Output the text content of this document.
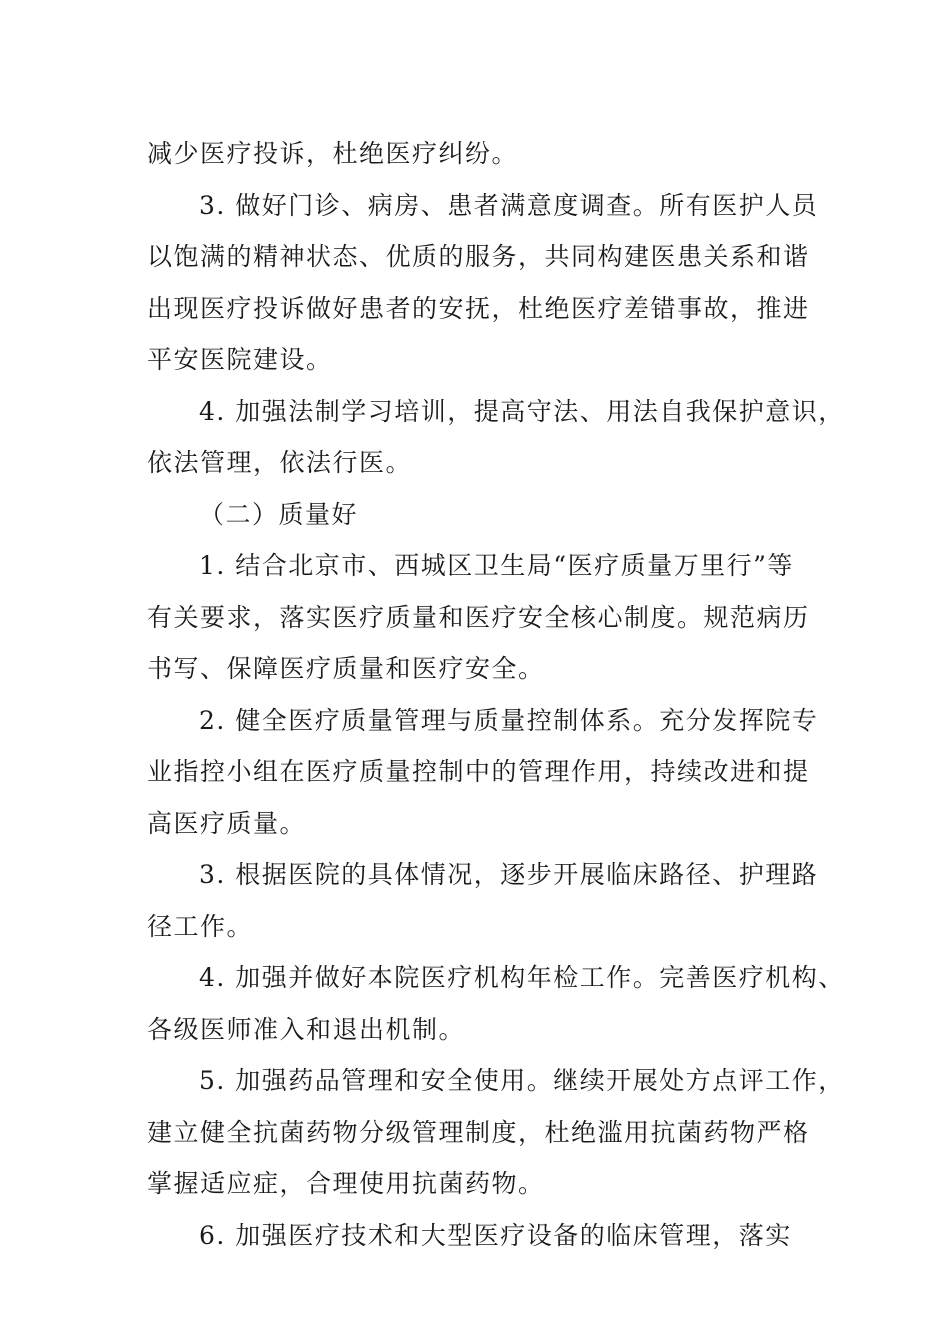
减少医疗投诉，杜绝医疗纠纷。
3. 做好门诊、病房、患者满意度调查。所有医护人员
以饱满的精神状态、优质的服务，共同构建医患关系和谐
出现医疗投诉做好患者的安抚，杜绝医疗差错事故，推进
平安医院建设。
4. 加强法制学习培训，提高守法、用法自我保护意识，
依法管理，依法行医。
（二）质量好
1. 结合北京市、西城区卫生局“医疗质量万里行”等
有关要求，落实医疗质量和医疗安全核心制度。规范病历
书写、保障医疗质量和医疗安全。
2. 健全医疗质量管理与质量控制体系。充分发挥院专
业指控小组在医疗质量控制中的管理作用，持续改进和提
高医疗质量。
3. 根据医院的具体情况，逐步开展临床路径、护理路
径工作。
4. 加强并做好本院医疗机构年检工作。完善医疗机构、
各级医师准入和退出机制。
5. 加强药品管理和安全使用。继续开展处方点评工作，
建立健全抗菌药物分级管理制度，杜绝滥用抗菌药物严格
掌握适应症，合理使用抗菌药物。
6. 加强医疗技术和大型医疗设备的临床管理，落实
